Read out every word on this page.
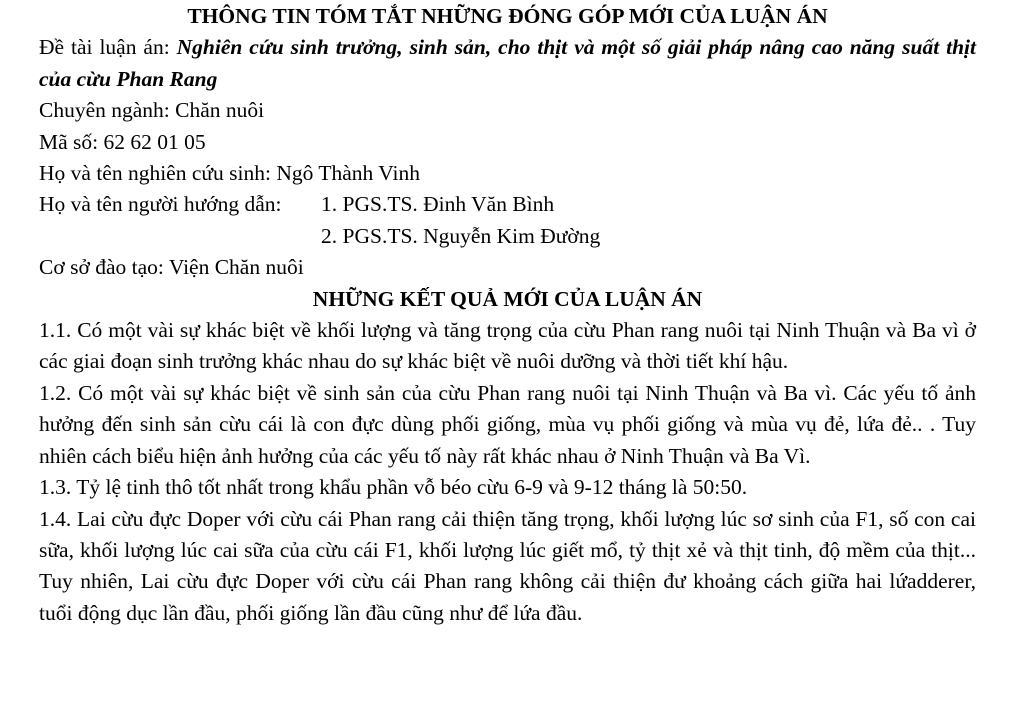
THÔNG TIN TÓM TẮT NHỮNG ĐÓNG GÓP MỚI CỦA LUẬN ÁN

Đề tài luận án: Nghiên cứu sinh trưởng, sinh sản, cho thịt và một số giải pháp nâng cao năng suất thịt của cừu Phan Rang

Chuyên ngành: Chăn nuôi

Mã số: 62 62 01 05

Họ và tên nghiên cứu sinh: Ngô Thành Vinh

Họ và tên người hướng dẫn:	1. PGS.TS. Đinh Văn Bình

2. PGS.TS. Nguyễn Kim Đường

Cơ sở đào tạo: Viện Chăn nuôi

NHỮNG KẾT QUẢ MỚI CỦA LUẬN ÁN

1.1. Có một vài sự khác biệt về khối lượng và tăng trọng của cừu Phan rang nuôi tại Ninh Thuận và Ba vì ở các giai đoạn sinh trưởng khác nhau do sự khác biệt về nuôi dưỡng và thời tiết khí hậu.

1.2. Có một vài sự khác biệt về sinh sản của cừu Phan rang nuôi tại Ninh Thuận và Ba vì. Các yếu tố ảnh hưởng đến sinh sản cừu cái là con đực dùng phối giống, mùa vụ phối giống và mùa vụ đẻ, lứa đẻ.. . Tuy nhiên cách biểu hiện ảnh hưởng của các yếu tố này rất khác nhau ở Ninh Thuận và Ba Vì.

1.3. Tỷ lệ tinh thô tốt nhất trong khẩu phần vỗ béo cừu 6-9 và 9-12 tháng là 50:50.

1.4. Lai cừu đực Doper với cừu cái Phan rang cải thiện tăng trọng, khối lượng lúc sơ sinh của F1, số con cai sữa, khối lượng lúc cai sữa của cừu cái F1, khối lượng lúc giết mổ, tỷ thịt xẻ và thịt tinh, độ mềm của thịt... Tuy nhiên, Lai cừu đực Doper với cừu cái Phan rang không cải thiện đư khoảng cách giữa hai lứadderer, tuổi động dục lần đầu, phối giống lần đầu cũng như để lứa đầu.
